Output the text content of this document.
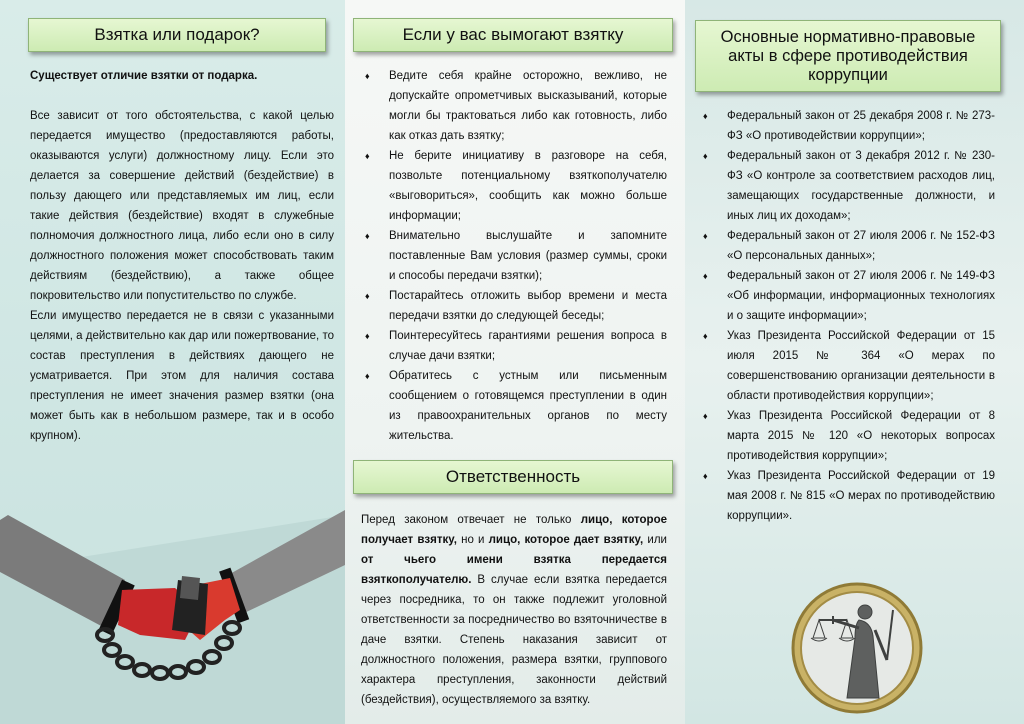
Взятка или подарок?

Существует отличие взятки от подарка.

Все зависит от того обстоятельства, с какой целью передается имущество (предоставляются работы, оказываются услуги) должностному лицу. Если это делается за совершение действий (бездействие) в пользу дающего или представляемых им лиц, если такие действия (бездействие) входят в служебные полномочия должностного лица, либо если оно в силу должностного положения может способствовать таким действиям (бездействию), а также общее покровительство или попустительство по службе.

Если имущество передается не в связи с указанными целями, а действительно как дар или пожертвование, то состав преступления в действиях дающего не усматривается. При этом для наличия состава преступления не имеет значения размер взятки (она может быть как в небольшом размере, так и в особо крупном).

Если у вас вымогают взятку
♦ Ведите себя крайне осторожно, вежливо, не допускайте опрометчивых высказываний, которые могли бы трактоваться либо как готовность, либо как отказ дать взятку;
♦ Не берите инициативу в разговоре на себя, позвольте потенциальному взяткополучателю «выговориться», сообщить как можно больше информации;
♦ Внимательно выслушайте и запомните поставленные Вам условия (размер суммы, сроки и способы передачи взятки);
♦ Постарайтесь отложить выбор времени и места передачи взятки до следующей беседы;
♦ Поинтересуйтесь гарантиями решения вопроса в случае дачи взятки;
♦ Обратитесь с устным или письменным сообщением о готовящемся преступлении в один из правоохранительных органов по месту жительства.
Ответственность

Перед законом отвечает не только лицо, которое получает взятку, но и лицо, которое дает взятку, или от чьего имени взятка передается взяткополучателю. В случае если взятка передается через посредника, то он также подлежит уголовной ответственности за посредничество во взяточничестве в даче взятки. Степень наказания зависит от должностного положения, размера взятки, группового характера преступления, законности действий (бездействия), осуществляемого за взятку.

Основные нормативно-правовые акты в сфере противодействия коррупции
♦ Федеральный закон от 25 декабря 2008 г. № 273-ФЗ «О противодействии коррупции»;
♦ Федеральный закон от 3 декабря 2012 г. № 230-ФЗ «О контроле за соответствием расходов лиц, замещающих государственные должности, и иных лиц их доходам»;
♦ Федеральный закон от 27 июля 2006 г. № 152-ФЗ «О персональных данных»;
♦ Федеральный закон от 27 июля 2006 г. № 149-ФЗ «Об информации, информационных технологиях и о защите информации»;
♦ Указ Президента Российской Федерации от 15 июля 2015 № 364 «О мерах по совершенствованию организации деятельности в области противодействия коррупции»;
♦ Указ Президента Российской Федерации от 8 марта 2015 № 120 «О некоторых вопросах противодействия коррупции»;
♦ Указ Президента Российской Федерации от 19 мая 2008 г. № 815 «О мерах по противодействию коррупции».
